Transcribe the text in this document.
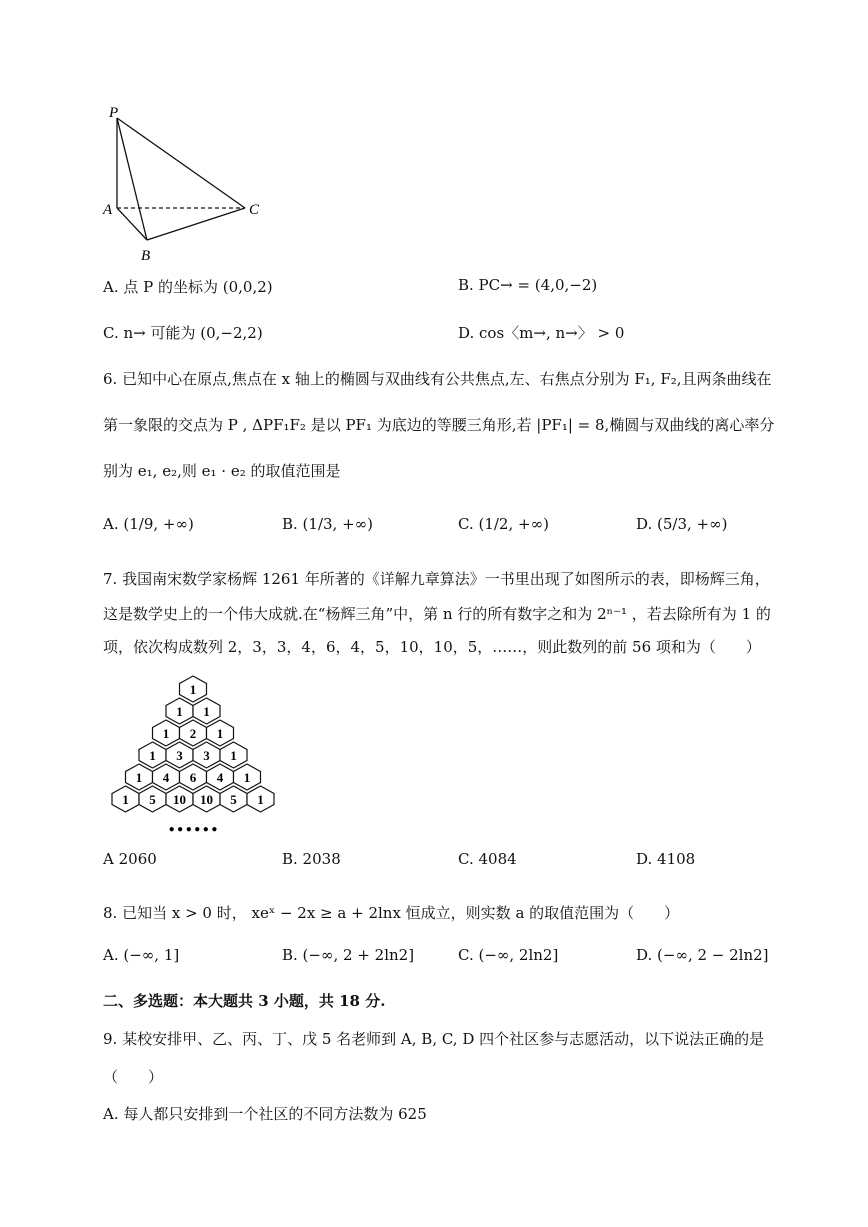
P
A
B
C
A. 点 P 的坐标为 (0,0,2)	B. PC→ = (4,0,−2)
C. n→ 可能为 (0,−2,2)	D. cos〈m→, n→〉 > 0
6. 已知中心在原点,焦点在 x 轴上的椭圆与双曲线有公共焦点,左、右焦点分别为 F₁, F₂,且两条曲线在
第一象限的交点为 P , ΔPF₁F₂ 是以 PF₁ 为底边的等腰三角形,若 |PF₁| = 8,椭圆与双曲线的离心率分
别为 e₁, e₂,则 e₁ · e₂ 的取值范围是
A. (1/9, +∞)	B. (1/3, +∞)	C. (1/2, +∞)	D. (5/3, +∞)
7. 我国南宋数学家杨辉 1261 年所著的《详解九章算法》一书里出现了如图所示的表，即杨辉三角，
这是数学史上的一个伟大成就.在“杨辉三角”中，第 n 行的所有数字之和为 2ⁿ⁻¹ ，若去除所有为 1 的
项，依次构成数列 2，3，3，4，6，4，5，10，10，5，……，则此数列的前 56 项和为（　　）
1
1 1
1 2 1
1 3 3 1
1 4 6 4 1
1 5 10 10 5 1
● ● ● ● ● ●
A 2060	B. 2038	C. 4084	D. 4108
8. 已知当 x > 0 时， xeˣ − 2x ≥ a + 2lnx 恒成立，则实数 a 的取值范围为（　　）
A. (−∞, 1]	B. (−∞, 2 + 2ln2]	C. (−∞, 2ln2]	D. (−∞, 2 − 2ln2]
二、多选题：本大题共 3 小题，共 18 分.
9. 某校安排甲、乙、丙、丁、戊 5 名老师到 A, B, C, D 四个社区参与志愿活动，以下说法正确的是
（　　）
A. 每人都只安排到一个社区的不同方法数为 625
